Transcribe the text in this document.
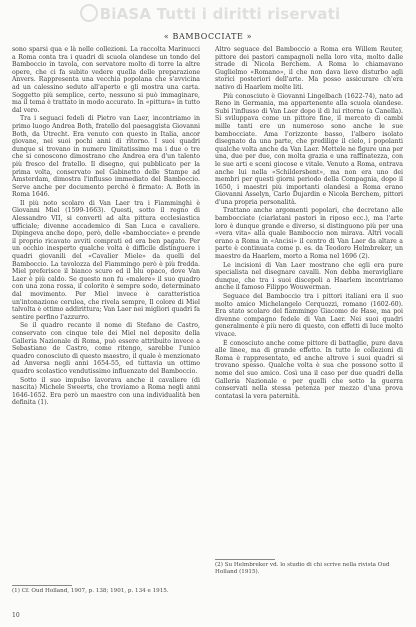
BiASA Tutti i diritti riservati
« BAMBOCCIATE »

sono sparsi qua e là nelle collezioni. La raccolta Marinucci a Roma conta tra i quadri di scuola olandese un tondo del Bamboccio in tavola, con servatore molto di torre la altre opere, che ci fa subito vedere quella delle preparazione Anvers. Rappresenta una vecchia popolana che s'avvicina ad un calessino seduto all'aperto e gli mostra una carta. Soggetto più semplice, certo, nessuno si può immaginare, ma il tema è trattato in modo accurato. In «pittura» in tutto dal vero.

Tra i seguaci fedeli di Pietro van Laer, incontriamo in primo luogo Andrea Both, fratello del paesaggista Giovanni Both, da Utrecht. Era venuto con questo in Italia, ancor giovane, nei suoi pochi anni di ritorno. I suoi quadri dunque si trovano in numero limitatissimo ma i due o tre che si conoscono dimostrano che Andrea era d'un talento più fresco del fratello. Il disegno, qui pubblicato per la prima volta, conservato nel Gabinetto delle Stampe ad Amsterdam, dimostra l'influsso immediato del Bamboccio. Serve anche per documento perché è firmato: A. Both in Roma 1646.

Il più noto scolaro di Van Laer tra i Fiamminghi è Giovanni Miel (1599-1663). Questi, sotto il regno di Alessandro VII, si convertì ad alta pittura ecclesiastica ufficiale; divenne accademico di San Luca e cavaliere. Dipingeva anche dopo, però, delle «bambocciate» e prende il proprio ricavato avviti comprati ed era ben pagato. Per un occhio inesperto qualche volta è difficile distinguere i quadri giovanili del «Cavalier Miele» da quelli del Bamboccio. La tavolozza del Fiammingo però è più fredda. Miel preferisce il bianco scuro ed il blu opaco, dove Van Laer è più caldo. Se questo non fu «malere» il suo quadro con una zona rossa, il colorito è sempre sodo, determinato dal movimento. Per Miel invece è caratteristica un'intonazione cerulea, che rivela sempre, Il colore di Miel talvolta è ottimo addirittura; Van Laer nei migliori quadri fa sentire perfino l'azzurro.

Se il quadro recante il nome di Stefano de Castro, conservato con cinque tele dei Miel nel deposito della Galleria Nazionale di Roma, può essere attribuito invece a Sebastiano de Castro, come ritengo, sarebbe l'unico quadro conosciuto di questo maestro, il quale è menzionato ad Anversa negli anni 1654-55, ed tuttavia un ottimo quadro scolastico vendutissimo influenzato del Bamboccio.

Sotto il suo impulso lavorava anche il cavaliere (di nascita) Michele Sweerts, che troviamo a Roma negli anni 1646-1652. Era però un maestro con una individualità ben definita (1).

Altro seguace del Bamboccio a Roma era Willem Reuter, pittore dei pastori campagnoli nella loro vita, molto dalle strade di Nicola Berchem. A Roma lo chiamavano Guglielmo «Romano», il che non dava lieve disturbo agli storici posteriori dell'arte. Ma posso assicurare ch'era nativo di Haarlem molte liti.

Più conosciuto è Giovanni Lingelbach (1622-74), nato ad Reno in Germania, ma appartenente alla scuola olandese. Subi l'influsso di Van Laer dopo il di lui ritorno (a Canella). Si sviluppava come un pittore fine, il mercato di cambi mille tanti ere un numeroso sono anche le sue bambocciate. Ama l'orizzonte basso, l'albero isolato disegnato da una parte, che predilige il cielo, i popolanti qualche volta anche da Van Laer. Mettele ne figure una per una, due per due, con molta grazia e una raffinatezza, con le sue arti e sceni giocose e vitale. Venuto a Roma, entrava anche lui nella «Schildersbent», ma non era uno dei membri per questi giorni periodo della Compagnia, dopo il 1650, i maestri più importanti olandesi a Roma erano Giovanni Asselyn, Carlo Dujardin e Nicola Berchem, pittori d'una propria personalità.

Trattano anche argomenti popolari, che decretano alle bambocciate (ciarlatani pastori in riposo ecc.), ma l'arte loro è dunque grande e diverso, si distinguono più per una «vera vita» alla quale Bamboccio non mirava. Altri vocali erano a Roma in «Ancisi» il centro di Van Laer da altare a parte è continuata come p. es. da Teodoro Helmbreker, un maestro da Haarlem, morto a Roma nel 1696 (2).

Le incisioni di Van Laer mostrano che egli era pure specialista nel disegnare cavalli. Non debba meravigliare dunque, che tra i suoi discepoli a Haarlem incontriamo anche il famoso Filippo Wouwerman.

Seguace del Bamboccio tra i pittori italiani era il suo molto amico Michelangelo Cerquozzi, romano (1602-60). Era stato scolaro del fiammingo Giacomo de Hase, ma poi divenne compagno fedele di Van Laer. Nei suoi quadri generalmente è più nero di questo, con effetti di luce molto vivace.

È conosciuto anche come pittore di battaglie, pure dava alle linee, ma di grande effetto. In tutte le collezioni di Roma è rappresentato, ed anche altrove i suoi quadri si trovano spesso. Qualche volta è sua che possono sotto il nome del suo amico. Così una il caso per due quadri della Galleria Nazionale e per quelli che sotto la guerra conservati nella stessa petenza per mezzo d'una prova contatasi la vera paternità.

(1) Cf. Oud Holland, 1907, p. 138; 1901, p. 134 e 1915.
(2) Su Helmbreker vd. lo studio di chi scrive nella rivista Oud Holland (1915).
10
